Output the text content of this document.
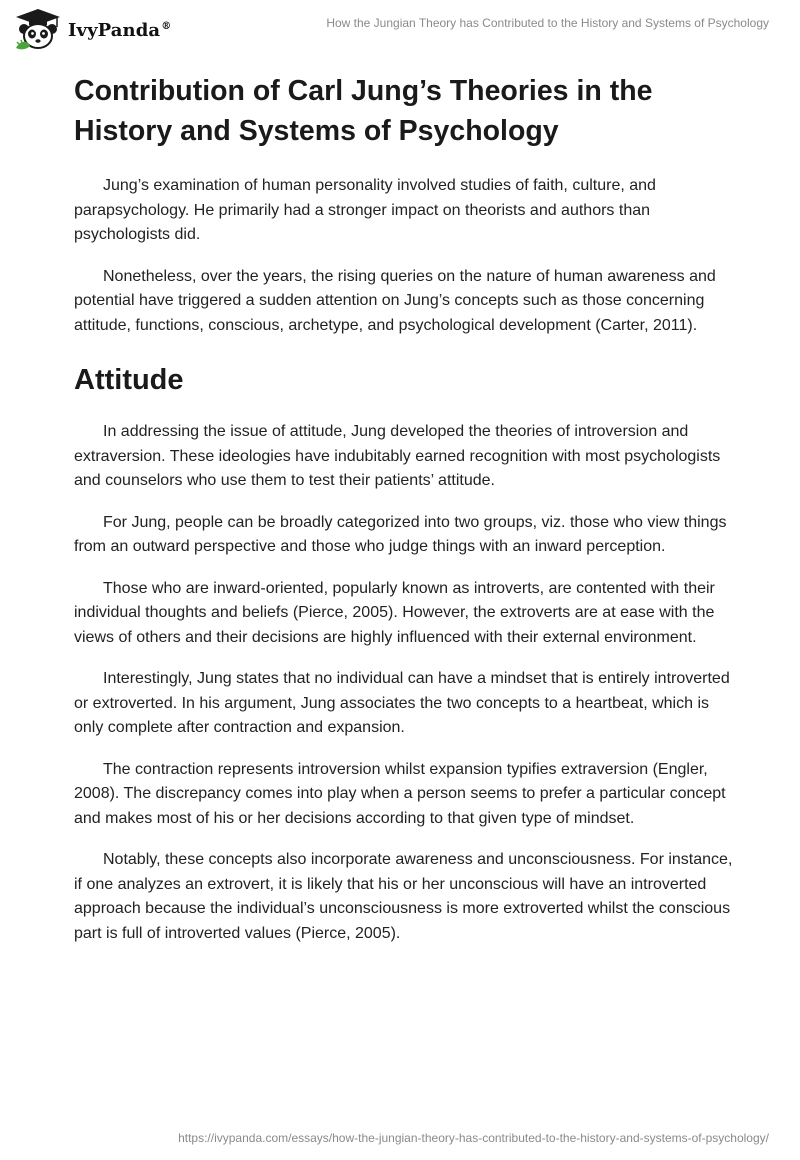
IvyPanda®	How the Jungian Theory has Contributed to the History and Systems of Psychology
Contribution of Carl Jung’s Theories in the History and Systems of Psychology

Jung’s examination of human personality involved studies of faith, culture, and parapsychology. He primarily had a stronger impact on theorists and authors than psychologists did.

Nonetheless, over the years, the rising queries on the nature of human awareness and potential have triggered a sudden attention on Jung’s concepts such as those concerning attitude, functions, conscious, archetype, and psychological development (Carter, 2011).

Attitude

In addressing the issue of attitude, Jung developed the theories of introversion and extraversion. These ideologies have indubitably earned recognition with most psychologists and counselors who use them to test their patients’ attitude.

For Jung, people can be broadly categorized into two groups, viz. those who view things from an outward perspective and those who judge things with an inward perception.

Those who are inward-oriented, popularly known as introverts, are contented with their individual thoughts and beliefs (Pierce, 2005). However, the extroverts are at ease with the views of others and their decisions are highly influenced with their external environment.

Interestingly, Jung states that no individual can have a mindset that is entirely introverted or extroverted. In his argument, Jung associates the two concepts to a heartbeat, which is only complete after contraction and expansion.

The contraction represents introversion whilst expansion typifies extraversion (Engler, 2008). The discrepancy comes into play when a person seems to prefer a particular concept and makes most of his or her decisions according to that given type of mindset.

Notably, these concepts also incorporate awareness and unconsciousness. For instance, if one analyzes an extrovert, it is likely that his or her unconscious will have an introverted approach because the individual’s unconsciousness is more extroverted whilst the conscious part is full of introverted values (Pierce, 2005).

https://ivypanda.com/essays/how-the-jungian-theory-has-contributed-to-the-history-and-systems-of-psychology/
